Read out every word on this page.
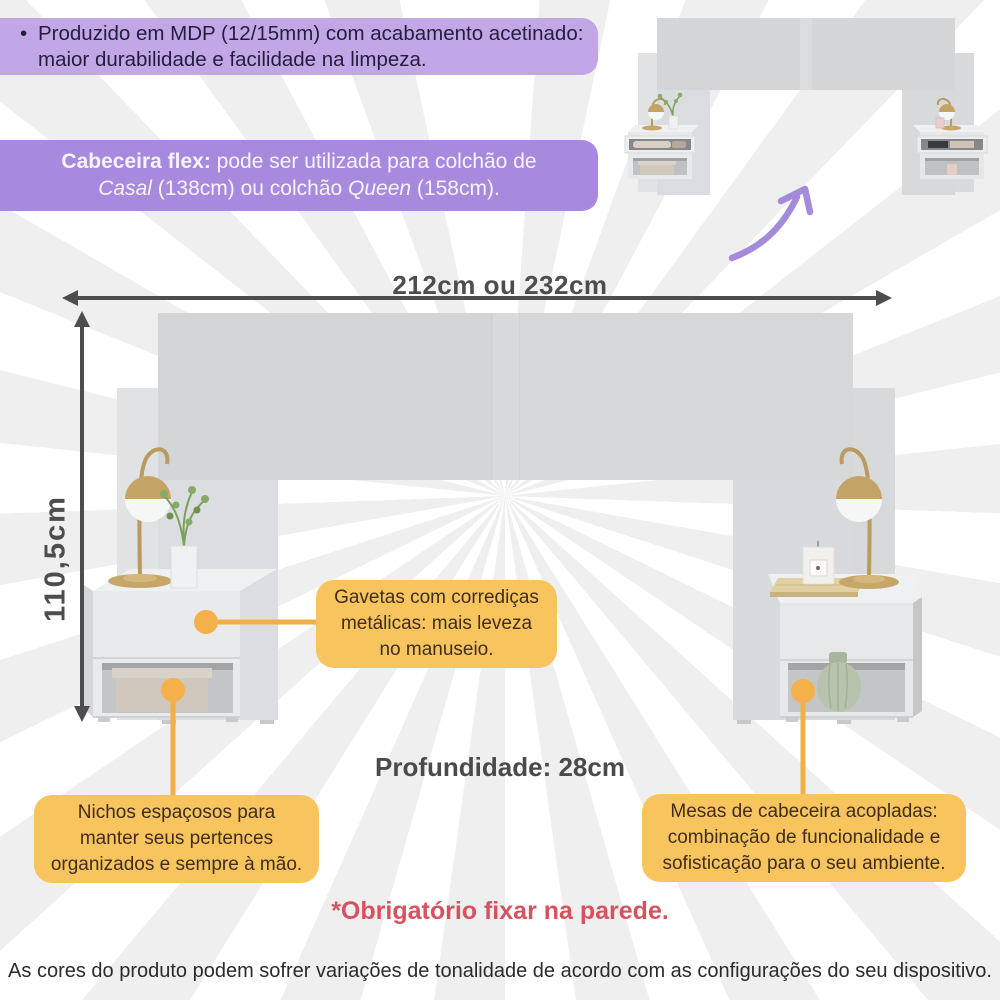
• Produzido em MDP (12/15mm) com acabamento acetinado:
maior durabilidade e facilidade na limpeza.
Cabeceira flex: pode ser utilizada para colchão de
Casal (138cm) ou colchão Queen (158cm).
212cm ou 232cm
110,5cm	Gavetas com corrediças
metálicas: mais leveza
no manuseio.
Nichos espaçosos para
manter seus pertences
organizados e sempre à mão.
Mesas de cabeceira acopladas:
combinação de funcionalidade e
sofisticação para o seu ambiente.
Profundidade: 28cm
*Obrigatório fixar na parede.
As cores do produto podem sofrer variações de tonalidade de acordo com as configurações do seu dispositivo.
